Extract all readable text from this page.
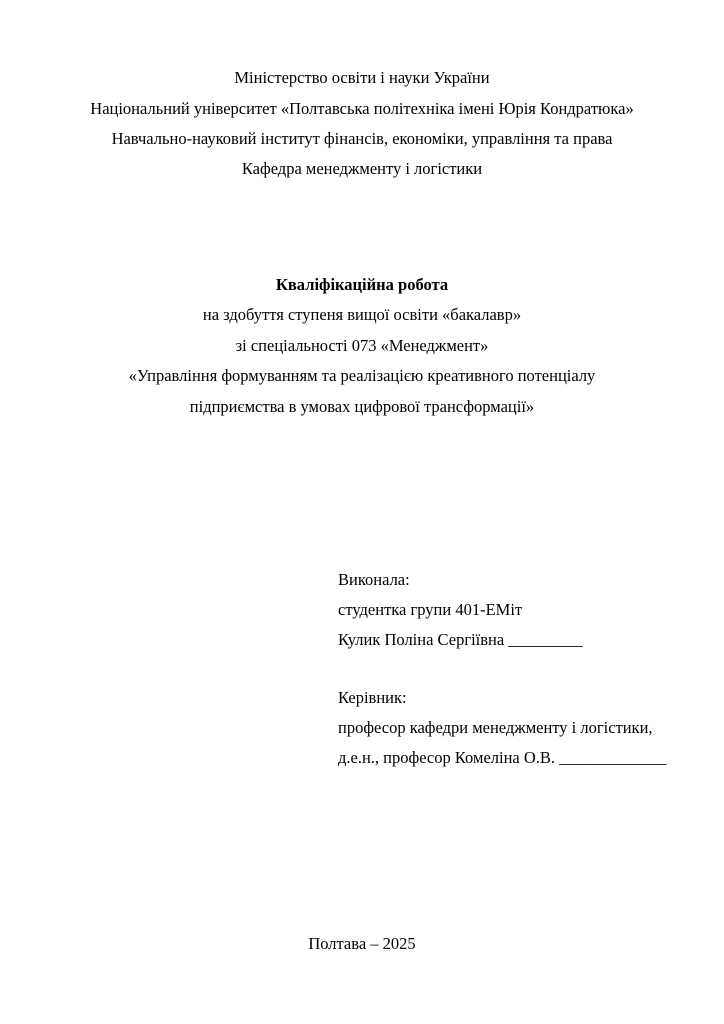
Міністерство освіти і науки України
Національний університет «Полтавська політехніка імені Юрія Кондратюка»
Навчально-науковий інститут фінансів, економіки, управління та права
Кафедра менеджменту і логістики
Кваліфікаційна робота
на здобуття ступеня вищої освіти «бакалавр»
зі спеціальності 073 «Менеджмент»
«Управління формуванням та реалізацією креативного потенціалу
підприємства в умовах цифрової трансформації»
Виконала:
студентка групи 401-ЕМіт
Кулик Поліна Сергіївна _________
Керівник:
професор кафедри менеджменту і логістики,
д.е.н., професор Комеліна О.В. _____________
Полтава – 2025
